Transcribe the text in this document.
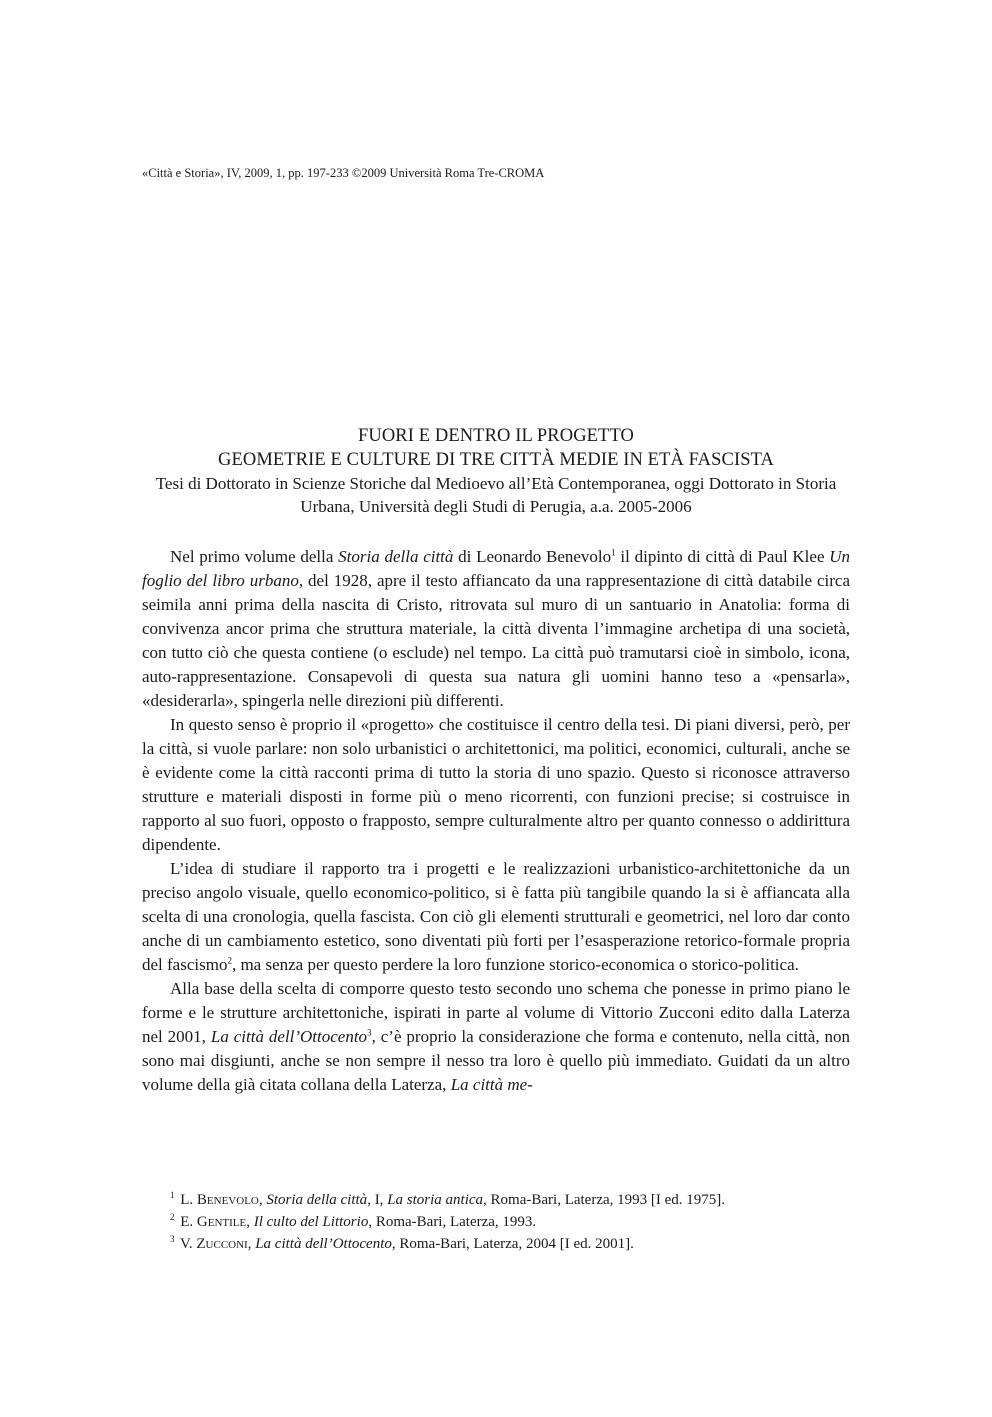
«Città e Storia», IV, 2009, 1, pp. 197-233 ©2009 Università Roma Tre-CROMA
FUORI E DENTRO IL PROGETTO
GEOMETRIE E CULTURE DI TRE CITTÀ MEDIE IN ETÀ FASCISTA
Tesi di Dottorato in Scienze Storiche dal Medioevo all’Età Contemporanea, oggi Dottorato in Storia Urbana, Università degli Studi di Perugia, a.a. 2005-2006

Nel primo volume della Storia della città di Leonardo Benevolo$^1$ il dipinto di città di Paul Klee Un foglio del libro urbano, del 1928, apre il testo affiancato da una rappresentazione di città databile circa seimila anni prima della nascita di Cristo, ritrovata sul muro di un santuario in Anatolia: forma di convivenza ancor prima che struttura materiale, la città diventa l’immagine archetipa di una società, con tutto ciò che questa contiene (o esclude) nel tempo. La città può tramutarsi cioè in simbolo, icona, auto-rappresentazione. Consapevoli di questa sua natura gli uomini hanno teso a «pensarla», «desiderarla», spingerla nelle direzioni più differenti.

In questo senso è proprio il «progetto» che costituisce il centro della tesi. Di piani diversi, però, per la città, si vuole parlare: non solo urbanistici o architettonici, ma politici, economici, culturali, anche se è evidente come la città racconti prima di tutto la storia di uno spazio. Questo si riconosce attraverso strutture e materiali disposti in forme più o meno ricorrenti, con funzioni precise; si costruisce in rapporto al suo fuori, opposto o frapposto, sempre culturalmente altro per quanto connesso o addirittura dipendente.

L’idea di studiare il rapporto tra i progetti e le realizzazioni urbanistico-architettoniche da un preciso angolo visuale, quello economico-politico, si è fatta più tangibile quando la si è affiancata alla scelta di una cronologia, quella fascista. Con ciò gli elementi strutturali e geometrici, nel loro dar conto anche di un cambiamento estetico, sono diventati più forti per l’esasperazione retorico-formale propria del fascismo$^2$, ma senza per questo perdere la loro funzione storico-economica o storico-politica.

Alla base della scelta di comporre questo testo secondo uno schema che ponesse in primo piano le forme e le strutture architettoniche, ispirati in parte al volume di Vittorio Zucconi edito dalla Laterza nel 2001, La città dell’Ottocento$^3$, c’è proprio la considerazione che forma e contenuto, nella città, non sono mai disgiunti, anche se non sempre il nesso tra loro è quello più immediato. Guidati da un altro volume della già citata collana della Laterza, La città me-

$^1$ L. Benevolo, Storia della città, I, La storia antica, Roma-Bari, Laterza, 1993 [I ed. 1975].
$^2$ E. Gentile, Il culto del Littorio, Roma-Bari, Laterza, 1993.
$^3$ V. Zucconi, La città dell’Ottocento, Roma-Bari, Laterza, 2004 [I ed. 2001].
